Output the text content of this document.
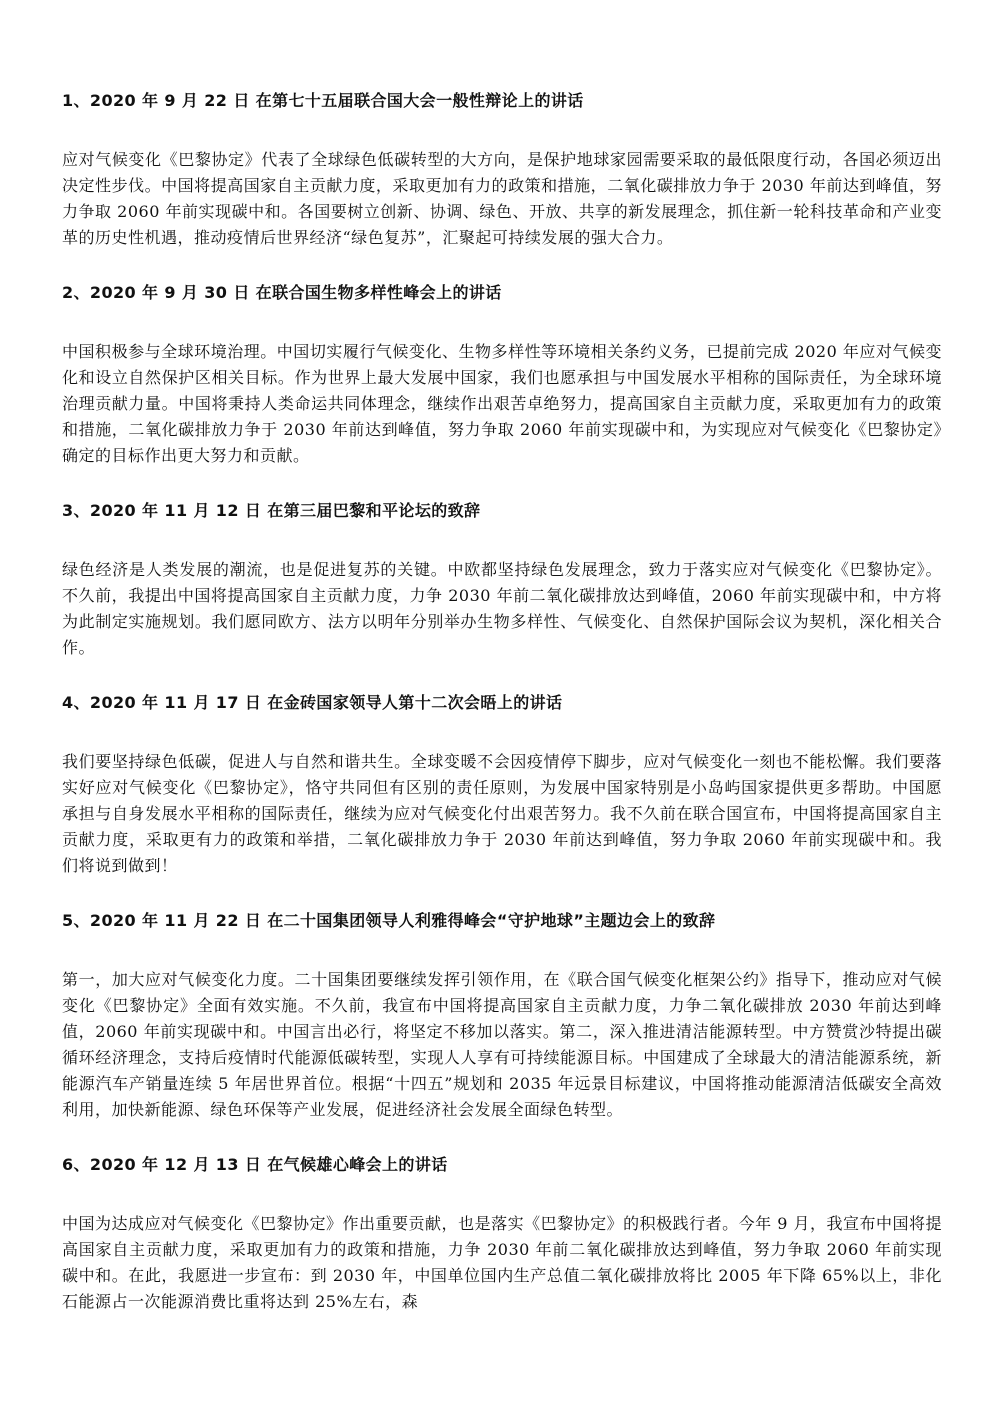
1、2020 年 9 月 22 日 在第七十五届联合国大会一般性辩论上的讲话

应对气候变化《巴黎协定》代表了全球绿色低碳转型的大方向，是保护地球家园需要采取的最低限度行动，各国必须迈出决定性步伐。中国将提高国家自主贡献力度，采取更加有力的政策和措施，二氧化碳排放力争于 2030 年前达到峰值，努力争取 2060 年前实现碳中和。各国要树立创新、协调、绿色、开放、共享的新发展理念，抓住新一轮科技革命和产业变革的历史性机遇，推动疫情后世界经济“绿色复苏”，汇聚起可持续发展的强大合力。

2、2020 年 9 月 30 日 在联合国生物多样性峰会上的讲话

中国积极参与全球环境治理。中国切实履行气候变化、生物多样性等环境相关条约义务，已提前完成 2020 年应对气候变化和设立自然保护区相关目标。作为世界上最大发展中国家，我们也愿承担与中国发展水平相称的国际责任，为全球环境治理贡献力量。中国将秉持人类命运共同体理念，继续作出艰苦卓绝努力，提高国家自主贡献力度，采取更加有力的政策和措施，二氧化碳排放力争于 2030 年前达到峰值，努力争取 2060 年前实现碳中和，为实现应对气候变化《巴黎协定》确定的目标作出更大努力和贡献。

3、2020 年 11 月 12 日 在第三届巴黎和平论坛的致辞

绿色经济是人类发展的潮流，也是促进复苏的关键。中欧都坚持绿色发展理念，致力于落实应对气候变化《巴黎协定》。不久前，我提出中国将提高国家自主贡献力度，力争 2030 年前二氧化碳排放达到峰值，2060 年前实现碳中和，中方将为此制定实施规划。我们愿同欧方、法方以明年分别举办生物多样性、气候变化、自然保护国际会议为契机，深化相关合作。

4、2020 年 11 月 17 日 在金砖国家领导人第十二次会晤上的讲话

我们要坚持绿色低碳，促进人与自然和谐共生。全球变暖不会因疫情停下脚步，应对气候变化一刻也不能松懈。我们要落实好应对气候变化《巴黎协定》，恪守共同但有区别的责任原则，为发展中国家特别是小岛屿国家提供更多帮助。中国愿承担与自身发展水平相称的国际责任，继续为应对气候变化付出艰苦努力。我不久前在联合国宣布，中国将提高国家自主贡献力度，采取更有力的政策和举措，二氧化碳排放力争于 2030 年前达到峰值，努力争取 2060 年前实现碳中和。我们将说到做到！

5、2020 年 11 月 22 日 在二十国集团领导人利雅得峰会“守护地球”主题边会上的致辞

第一，加大应对气候变化力度。二十国集团要继续发挥引领作用，在《联合国气候变化框架公约》指导下，推动应对气候变化《巴黎协定》全面有效实施。不久前，我宣布中国将提高国家自主贡献力度，力争二氧化碳排放 2030 年前达到峰值，2060 年前实现碳中和。中国言出必行，将坚定不移加以落实。第二，深入推进清洁能源转型。中方赞赏沙特提出碳循环经济理念，支持后疫情时代能源低碳转型，实现人人享有可持续能源目标。中国建成了全球最大的清洁能源系统，新能源汽车产销量连续 5 年居世界首位。根据“十四五”规划和 2035 年远景目标建议，中国将推动能源清洁低碳安全高效利用，加快新能源、绿色环保等产业发展，促进经济社会发展全面绿色转型。

6、2020 年 12 月 13 日 在气候雄心峰会上的讲话

中国为达成应对气候变化《巴黎协定》作出重要贡献，也是落实《巴黎协定》的积极践行者。今年 9 月，我宣布中国将提高国家自主贡献力度，采取更加有力的政策和措施，力争 2030 年前二氧化碳排放达到峰值，努力争取 2060 年前实现碳中和。在此，我愿进一步宣布：到 2030 年，中国单位国内生产总值二氧化碳排放将比 2005 年下降 65%以上，非化石能源占一次能源消费比重将达到 25%左右，森
